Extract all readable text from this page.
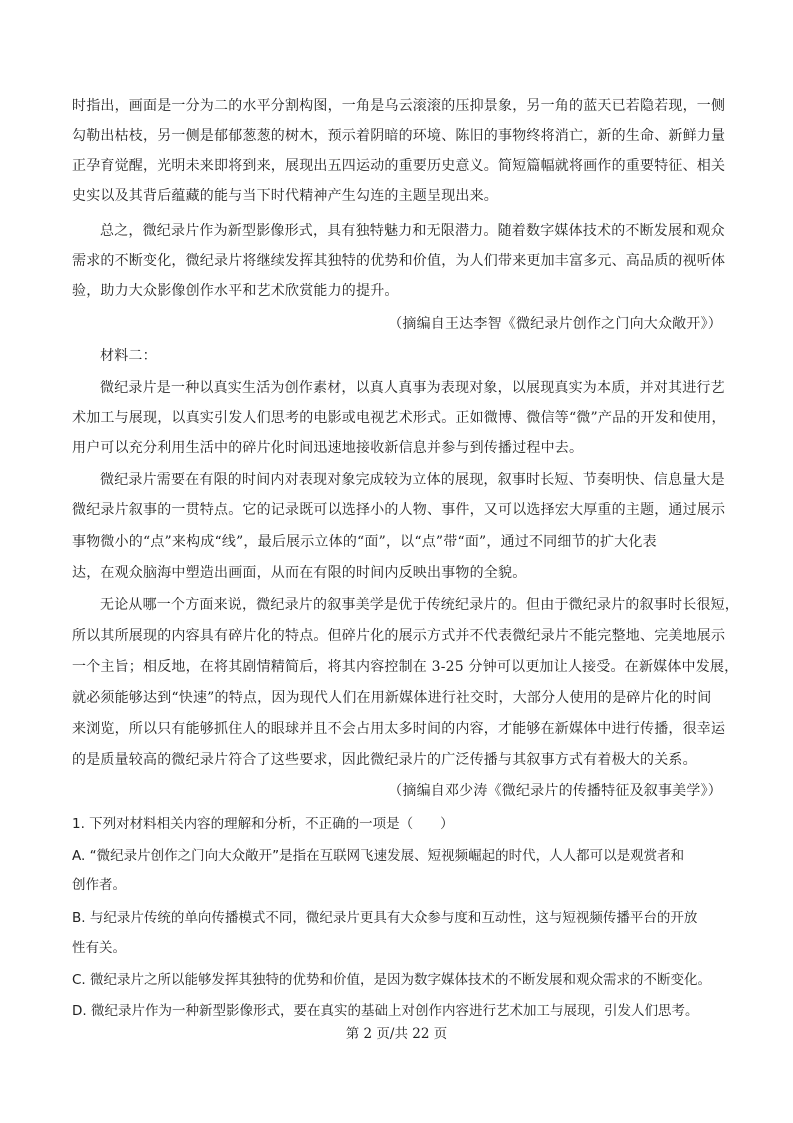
时指出，画面是一分为二的水平分割构图，一角是乌云滚滚的压抑景象，另一角的蓝天已若隐若现，一侧
勾勒出枯枝，另一侧是郁郁葱葱的树木，预示着阴暗的环境、陈旧的事物终将消亡，新的生命、新鲜力量
正孕育觉醒，光明未来即将到来，展现出五四运动的重要历史意义。简短篇幅就将画作的重要特征、相关
史实以及其背后蕴藏的能与当下时代精神产生勾连的主题呈现出来。
总之，微纪录片作为新型影像形式，具有独特魅力和无限潜力。随着数字媒体技术的不断发展和观众
需求的不断变化，微纪录片将继续发挥其独特的优势和价值，为人们带来更加丰富多元、高品质的视听体
验，助力大众影像创作水平和艺术欣赏能力的提升。
（摘编自王达李智《微纪录片创作之门向大众敞开》）
材料二：
微纪录片是一种以真实生活为创作素材，以真人真事为表现对象，以展现真实为本质，并对其进行艺
术加工与展现，以真实引发人们思考的电影或电视艺术形式。正如微博、微信等“微”产品的开发和使用，
用户可以充分利用生活中的碎片化时间迅速地接收新信息并参与到传播过程中去。
微纪录片需要在有限的时间内对表现对象完成较为立体的展现，叙事时长短、节奏明快、信息量大是
微纪录片叙事的一贯特点。它的记录既可以选择小的人物、事件，又可以选择宏大厚重的主题，通过展示
事物微小的“点”来构成“线”，最后展示立体的“面”，以“点”带“面”，通过不同细节的扩大化表
达，在观众脑海中塑造出画面，从而在有限的时间内反映出事物的全貌。
无论从哪一个方面来说，微纪录片的叙事美学是优于传统纪录片的。但由于微纪录片的叙事时长很短，
所以其所展现的内容具有碎片化的特点。但碎片化的展示方式并不代表微纪录片不能完整地、完美地展示
一个主旨；相反地，在将其剧情精简后，将其内容控制在 3-25 分钟可以更加让人接受。在新媒体中发展，
就必须能够达到“快速”的特点，因为现代人们在用新媒体进行社交时，大部分人使用的是碎片化的时间
来浏览，所以只有能够抓住人的眼球并且不会占用太多时间的内容，才能够在新媒体中进行传播，很幸运
的是质量较高的微纪录片符合了这些要求，因此微纪录片的广泛传播与其叙事方式有着极大的关系。
（摘编自邓少涛《微纪录片的传播特征及叙事美学》）
1. 下列对材料相关内容的理解和分析，不正确的一项是（　　）
A. “微纪录片创作之门向大众敞开”是指在互联网飞速发展、短视频崛起的时代，人人都可以是观赏者和
创作者。
B. 与纪录片传统的单向传播模式不同，微纪录片更具有大众参与度和互动性，这与短视频传播平台的开放
性有关。
C. 微纪录片之所以能够发挥其独特的优势和价值，是因为数字媒体技术的不断发展和观众需求的不断变化。
D. 微纪录片作为一种新型影像形式，要在真实的基础上对创作内容进行艺术加工与展现，引发人们思考。
第 2 页/共 22 页
